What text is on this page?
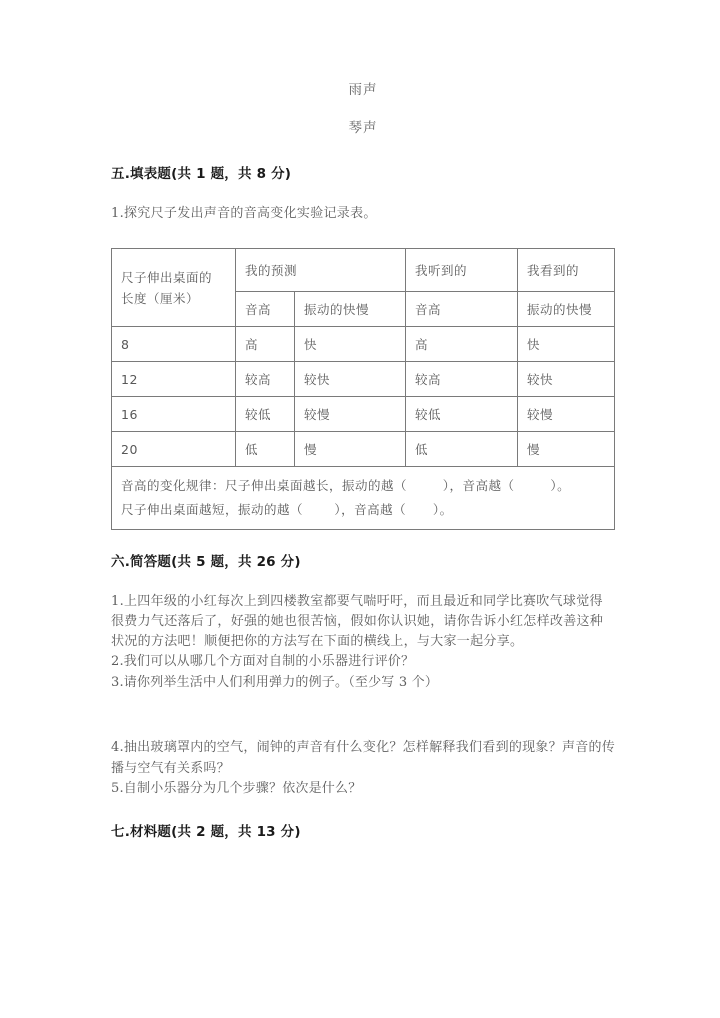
雨声
琴声
五.填表题(共 1 题，共 8 分)
1.探究尺子发出声音的音高变化实验记录表。
尺子伸出桌面的
长度（厘米）	我的预测		我听到的	我看到的
	音高	振动的快慢	音高	振动的快慢
8	高	快	高	快
12	较高	较快	较高	较快
16	较低	较慢	较低	较慢
20	低	慢	低	慢

音高的变化规律：尺子伸出桌面越长，振动的越（        ），音高越（        ）。
尺子伸出桌面越短，振动的越（       ），音高越（      ）。				
六.简答题(共 5 题，共 26 分)
1.上四年级的小红每次上到四楼教室都要气喘吁吁，而且最近和同学比赛吹气球觉得很费力气还落后了，好强的她也很苦恼，假如你认识她，请你告诉小红怎样改善这种状况的方法吧！顺便把你的方法写在下面的横线上，与大家一起分享。
2.我们可以从哪几个方面对自制的小乐器进行评价？
3.请你列举生活中人们利用弹力的例子。（至少写 3 个）
4.抽出玻璃罩内的空气，闹钟的声音有什么变化？怎样解释我们看到的现象？声音的传播与空气有关系吗？
5.自制小乐器分为几个步骤？依次是什么？
七.材料题(共 2 题，共 13 分)
